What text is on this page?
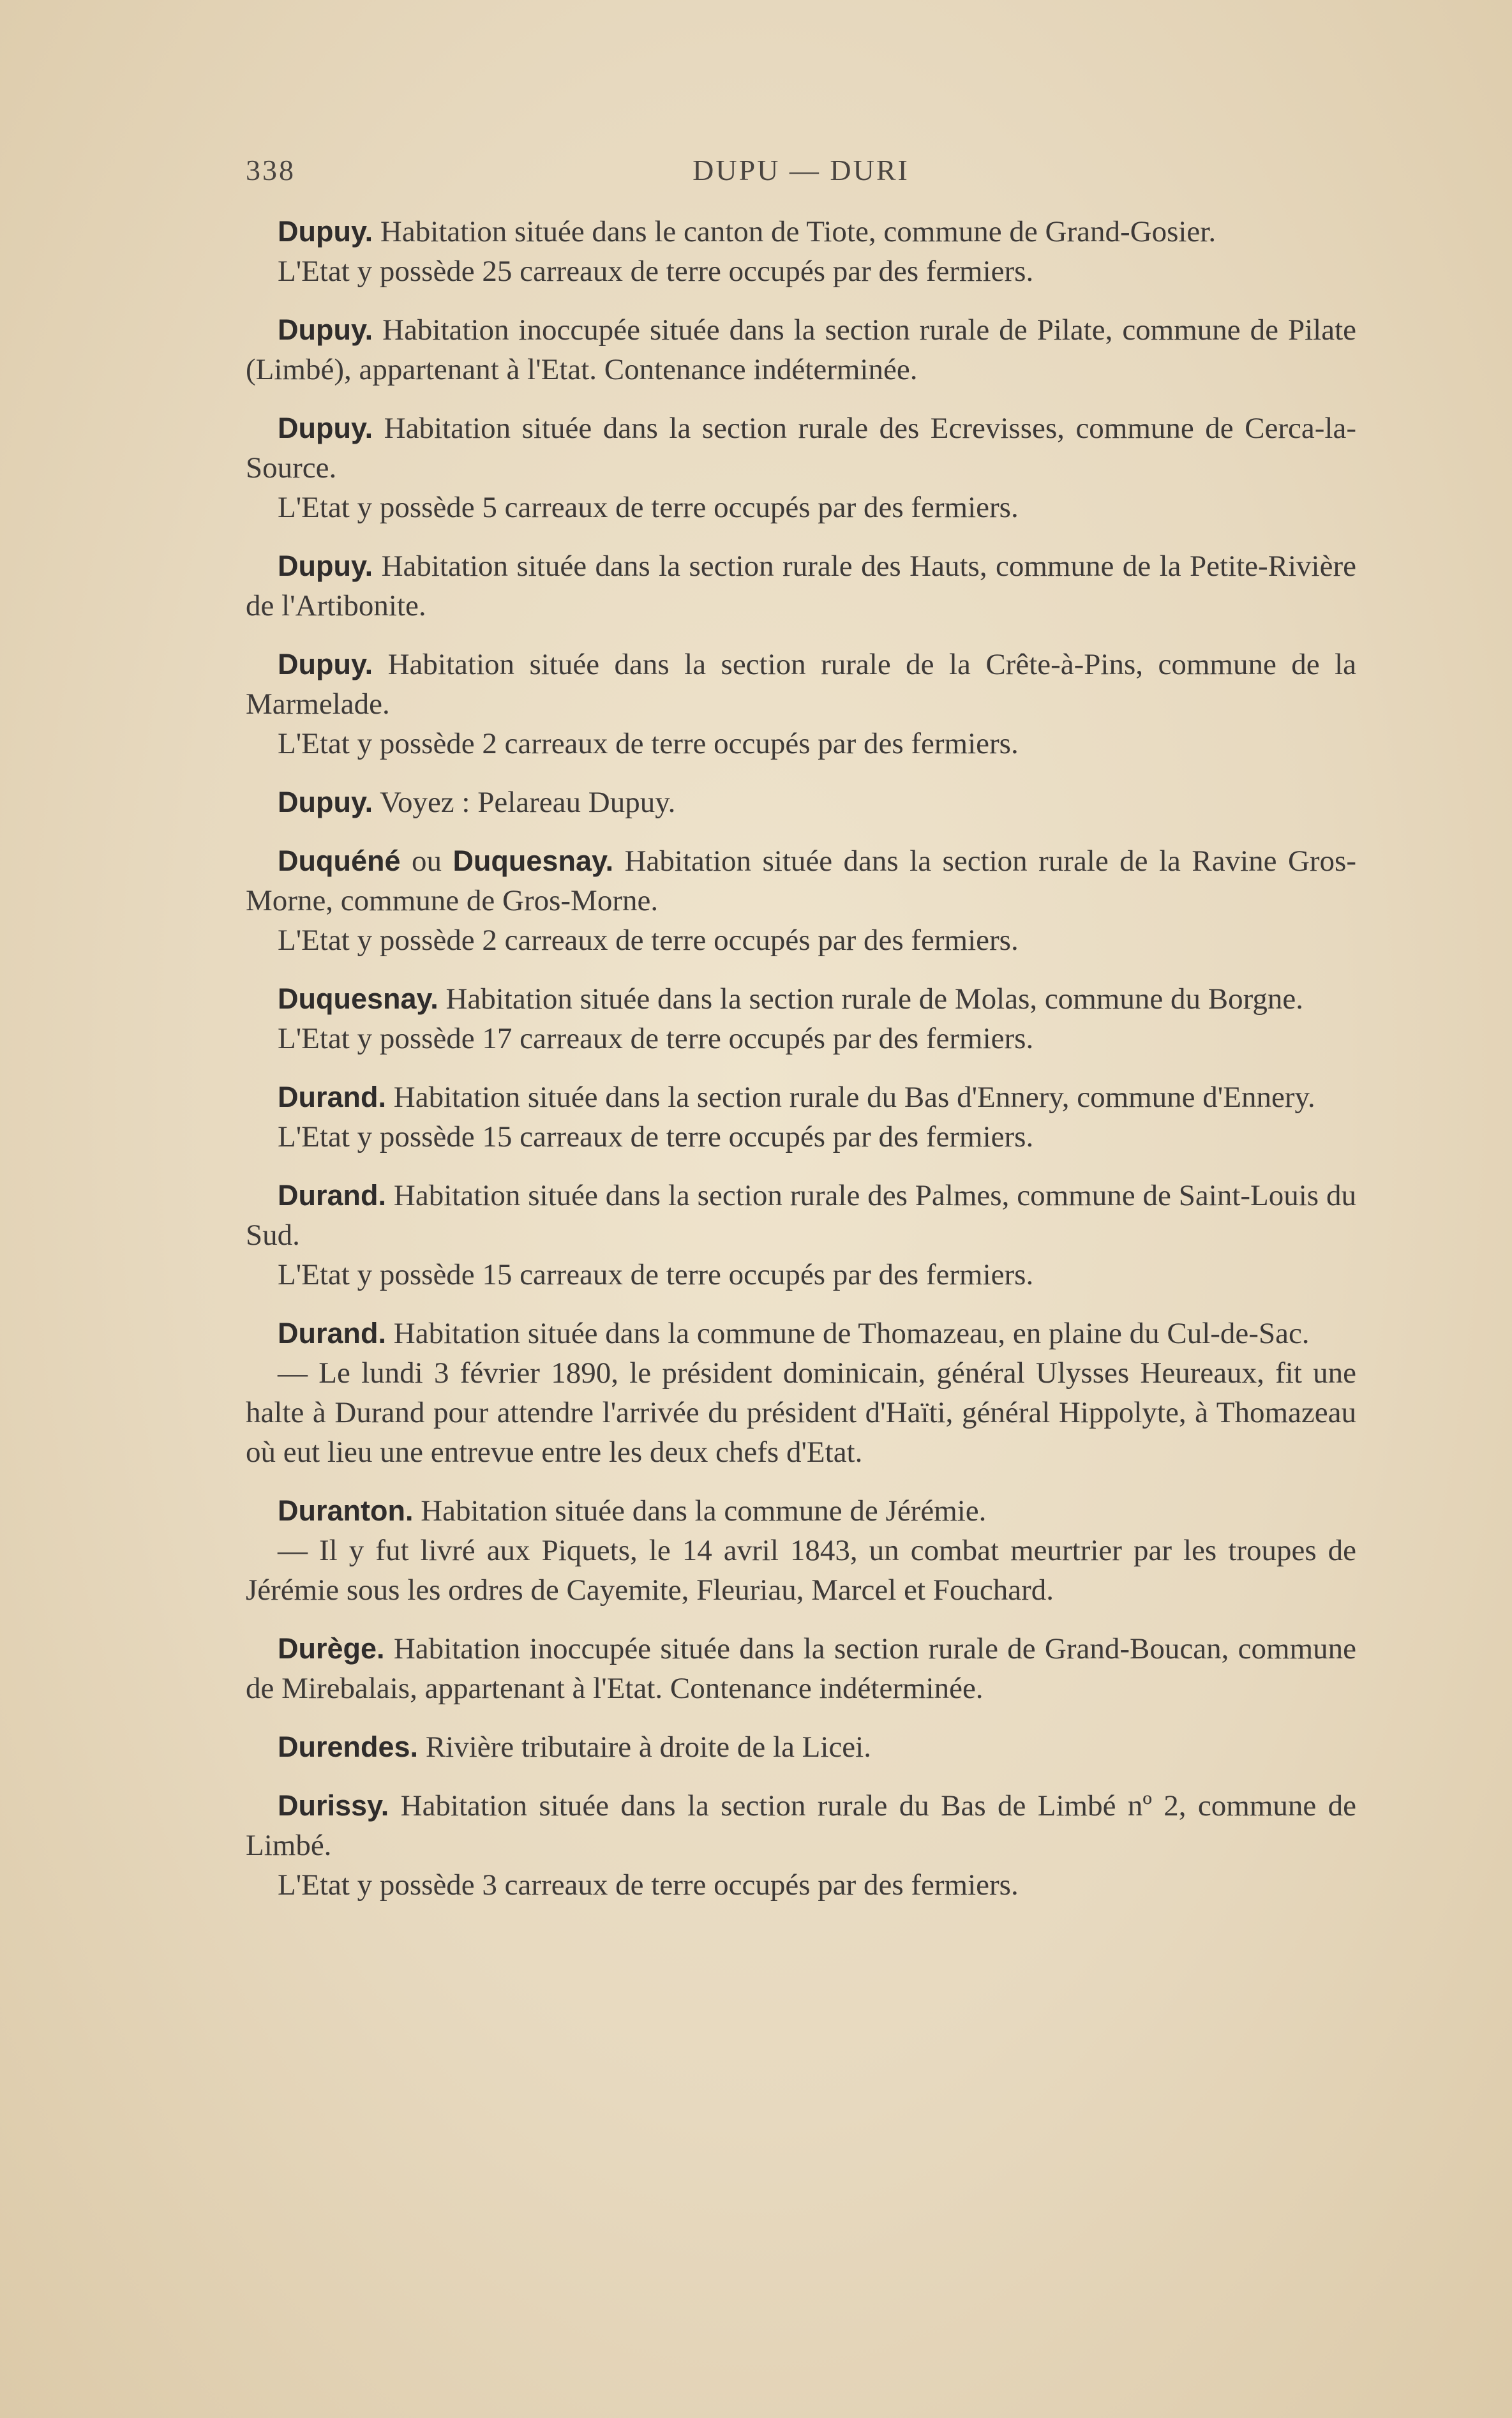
338	DUPU — DURI

Dupuy. Habitation située dans le canton de Tiote, commune de Grand-Gosier.

L'Etat y possède 25 carreaux de terre occupés par des fermiers.

Dupuy. Habitation inoccupée située dans la section rurale de Pilate, commune de Pilate (Limbé), appartenant à l'Etat. Contenance indéterminée.

Dupuy. Habitation située dans la section rurale des Ecrevisses, commune de Cerca-la-Source.

L'Etat y possède 5 carreaux de terre occupés par des fermiers.

Dupuy. Habitation située dans la section rurale des Hauts, commune de la Petite-Rivière de l'Artibonite.

Dupuy. Habitation située dans la section rurale de la Crête-à-Pins, commune de la Marmelade.

L'Etat y possède 2 carreaux de terre occupés par des fermiers.

Dupuy. Voyez : Pelareau Dupuy.

Duquéné ou Duquesnay. Habitation située dans la section rurale de la Ravine Gros-Morne, commune de Gros-Morne.

L'Etat y possède 2 carreaux de terre occupés par des fermiers.

Duquesnay. Habitation située dans la section rurale de Molas, commune du Borgne.

L'Etat y possède 17 carreaux de terre occupés par des fermiers.

Durand. Habitation située dans la section rurale du Bas d'Ennery, commune d'Ennery.

L'Etat y possède 15 carreaux de terre occupés par des fermiers.

Durand. Habitation située dans la section rurale des Palmes, commune de Saint-Louis du Sud.

L'Etat y possède 15 carreaux de terre occupés par des fermiers.

Durand. Habitation située dans la commune de Thomazeau, en plaine du Cul-de-Sac.

— Le lundi 3 février 1890, le président dominicain, général Ulysses Heureaux, fit une halte à Durand pour attendre l'arrivée du président d'Haïti, général Hippolyte, à Thomazeau où eut lieu une entrevue entre les deux chefs d'Etat.

Duranton. Habitation située dans la commune de Jérémie.

— Il y fut livré aux Piquets, le 14 avril 1843, un combat meurtrier par les troupes de Jérémie sous les ordres de Cayemite, Fleuriau, Marcel et Fouchard.

Durège. Habitation inoccupée située dans la section rurale de Grand-Boucan, commune de Mirebalais, appartenant à l'Etat. Contenance indéterminée.

Durendes. Rivière tributaire à droite de la Licei.

Durissy. Habitation située dans la section rurale du Bas de Limbé nº 2, commune de Limbé.

L'Etat y possède 3 carreaux de terre occupés par des fermiers.
